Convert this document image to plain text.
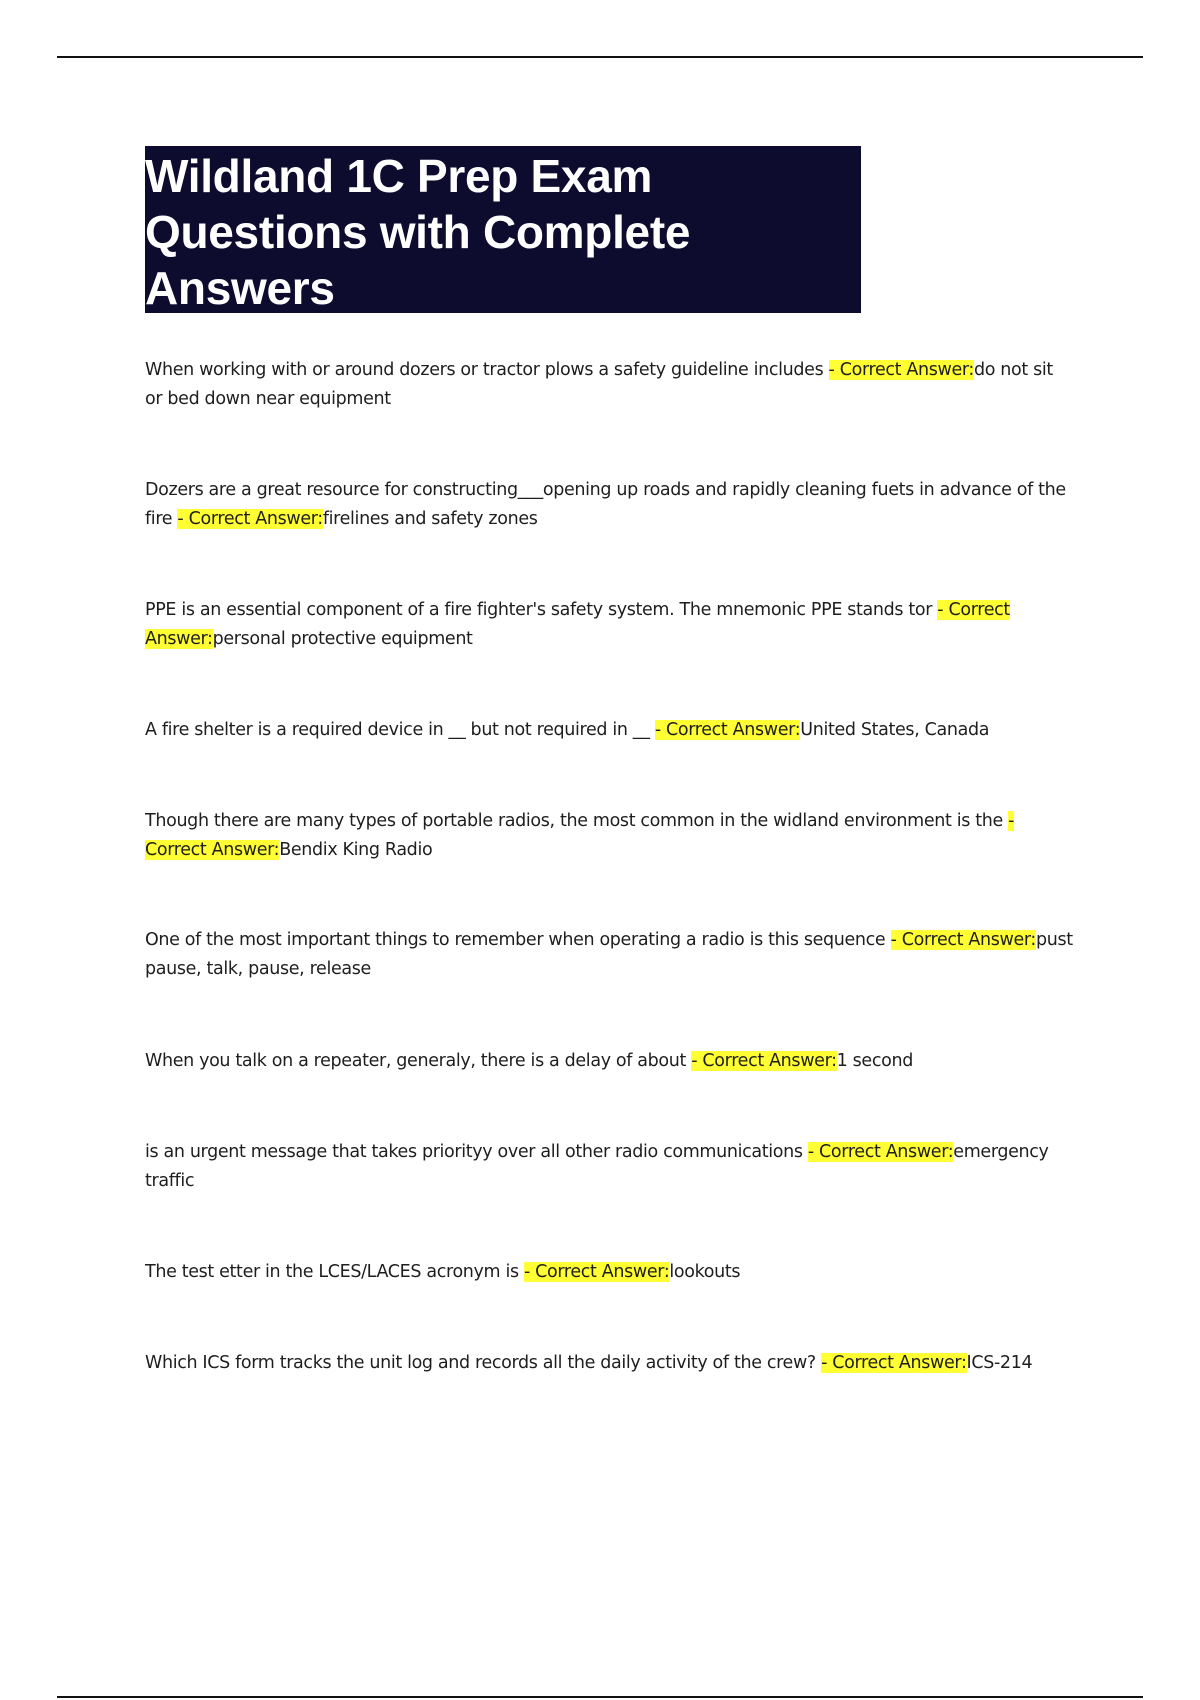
Wildland 1C Prep Exam Questions with Complete Answers
When working with or around dozers or tractor plows a safety guideline includes - Correct Answer:do not sit or bed down near equipment
Dozers are a great resource for constructing___opening up roads and rapidly cleaning fuets in advance of the fire - Correct Answer:firelines and safety zones
PPE is an essential component of a fire fighter's safety system. The mnemonic PPE stands tor - Correct Answer:personal protective equipment
A fire shelter is a required device in __ but not required in __ - Correct Answer:United States, Canada
Though there are many types of portable radios, the most common in the widland environment is the - Correct Answer:Bendix King Radio
One of the most important things to remember when operating a radio is this sequence - Correct Answer:pust pause, talk, pause, release
When you talk on a repeater, generaly, there is a delay of about - Correct Answer:1 second
is an urgent message that takes priorityy over all other radio communications - Correct Answer:emergency traffic
The test etter in the LCES/LACES acronym is - Correct Answer:lookouts
Which ICS form tracks the unit log and records all the daily activity of the crew? - Correct Answer:ICS-214
